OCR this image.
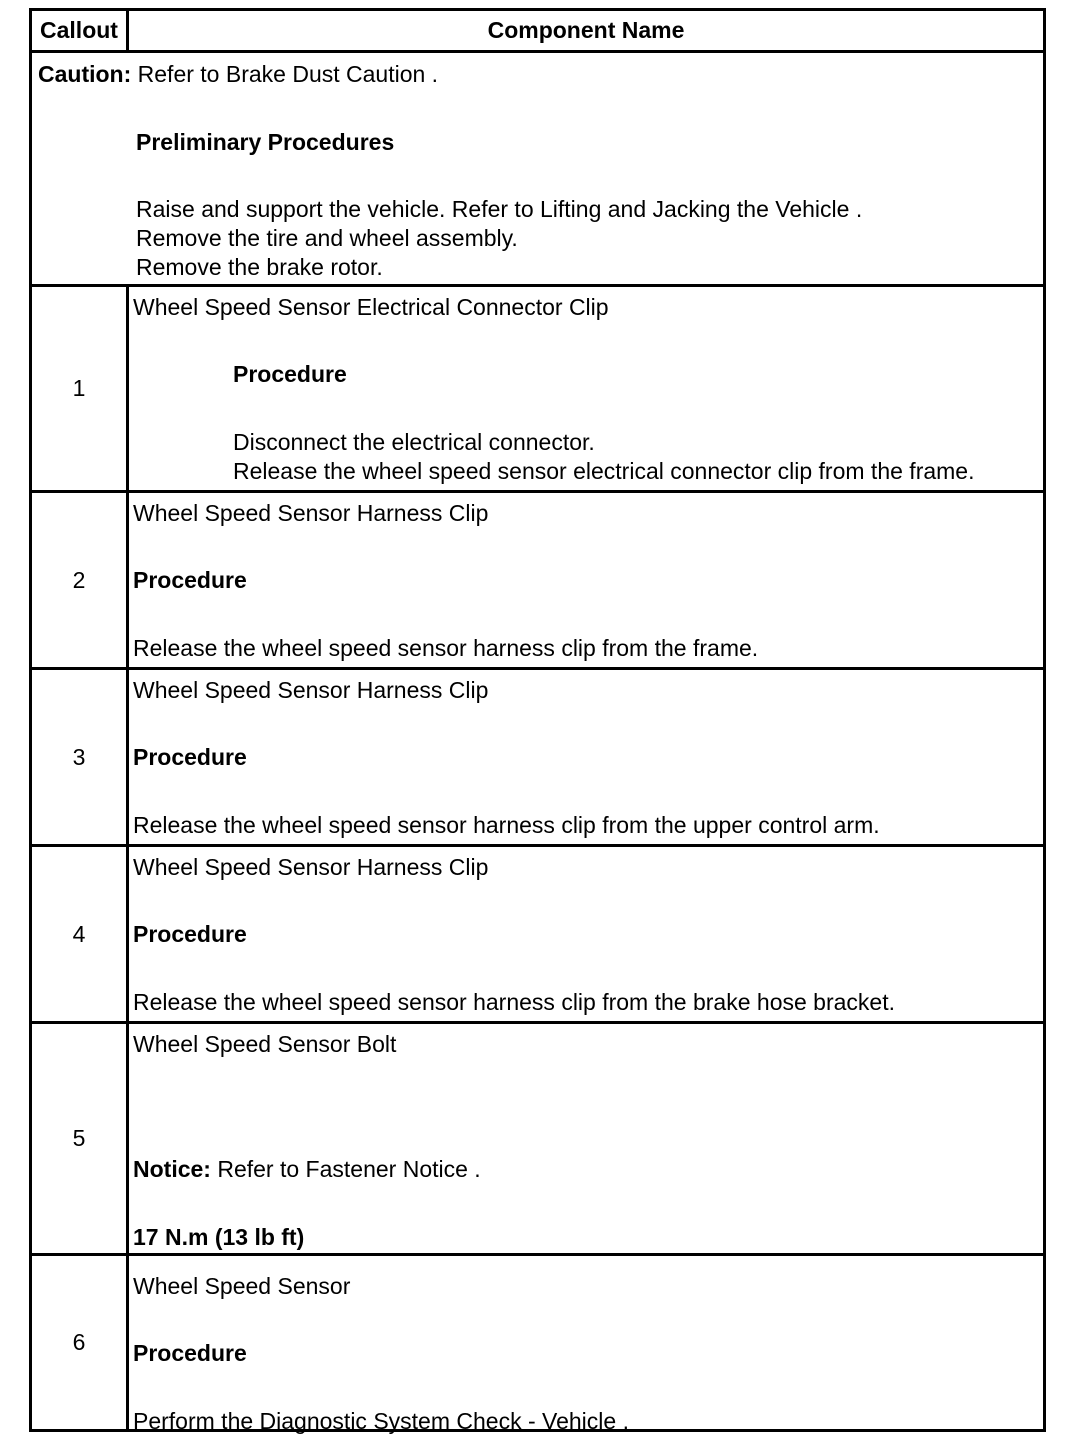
Callout	Component Name
Caution: Refer to Brake Dust Caution .
Preliminary Procedures
Raise and support the vehicle. Refer to Lifting and Jacking the Vehicle .
Remove the tire and wheel assembly.
Remove the brake rotor.
1
Wheel Speed Sensor Electrical Connector Clip
Procedure
Disconnect the electrical connector.
Release the wheel speed sensor electrical connector clip from the frame.
2
Wheel Speed Sensor Harness Clip
Procedure
Release the wheel speed sensor harness clip from the frame.
3
Wheel Speed Sensor Harness Clip
Procedure
Release the wheel speed sensor harness clip from the upper control arm.
4
Wheel Speed Sensor Harness Clip
Procedure
Release the wheel speed sensor harness clip from the brake hose bracket.
5
Wheel Speed Sensor Bolt
Notice: Refer to Fastener Notice .
17 N.m (13 lb ft)
6
Wheel Speed Sensor
Procedure
Perform the Diagnostic System Check - Vehicle .
